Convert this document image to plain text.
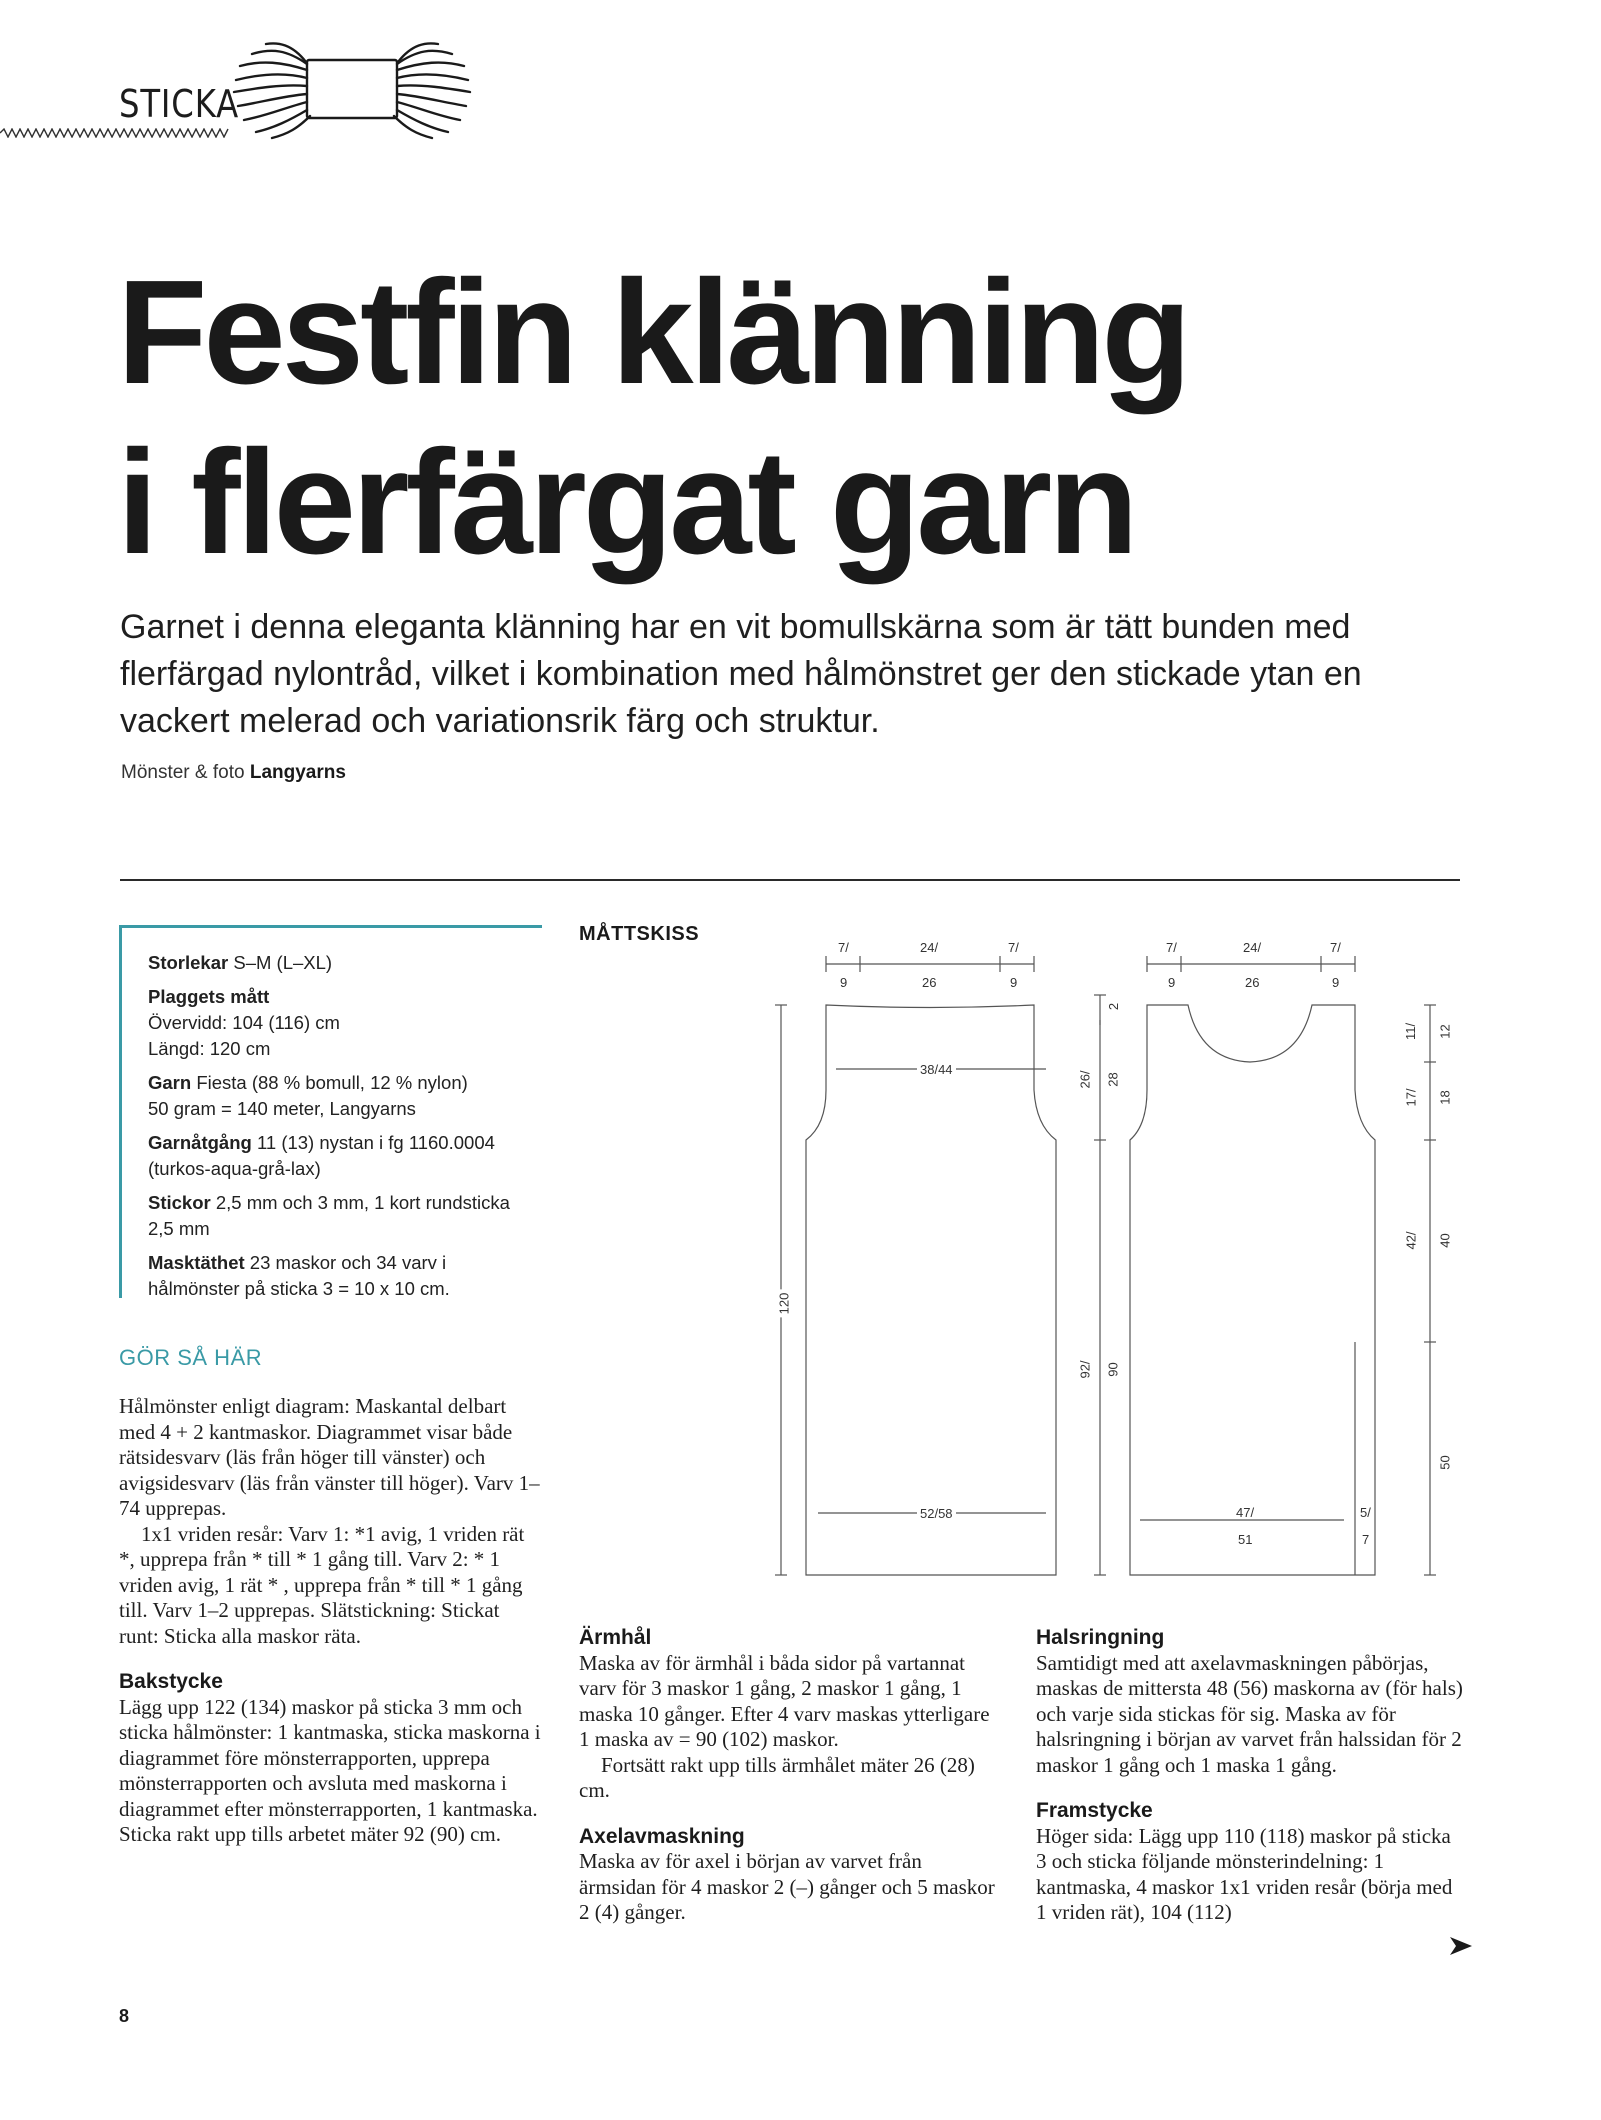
STICKA
Festfin klänning
i flerfärgat garn

Garnet i denna eleganta klänning har en vit bomullskärna som är tätt bunden med flerfärgad nylontråd, vilket i kombination med hålmönstret ger den stickade ytan en vackert melerad och variationsrik färg och struktur.

Mönster & foto Langyarns
Storlekar S–M (L–XL)
Plaggets mått
Övervidd: 104 (116) cm
Längd: 120 cm
Garn Fiesta (88 % bomull, 12 % nylon)
50 gram = 140 meter, Langyarns
Garnåtgång 11 (13) nystan i fg 1160.0004
(turkos-aqua-grå-lax)
Stickor 2,5 mm och 3 mm, 1 kort rundsticka
2,5 mm
Masktäthet 23 maskor och 34 varv i
hålmönster på sticka 3 = 10 x 10 cm.
GÖR SÅ HÄR

Hålmönster enligt diagram: Maskantal delbart med 4 + 2 kantmaskor. Diagrammet visar både rätsidesvarv (läs från höger till vänster) och avigsidesvarv (läs från vänster till höger). Varv 1–74 upprepas.

1x1 vriden resår: Varv 1: *1 avig, 1 vriden rät *, upprepa från * till * 1 gång till. Varv 2: * 1 vriden avig, 1 rät * , upprepa från * till * 1 gång till. Varv 1–2 upprepas. Slätstickning: Stickat runt: Sticka alla maskor räta.

Bakstycke

Lägg upp 122 (134) maskor på sticka 3 mm och sticka hålmönster: 1 kantmaska, sticka maskorna i diagrammet före mönsterrapporten, upprepa mönsterrapporten och avsluta med maskorna i diagrammet efter mönsterrapporten, 1 kantmaska. Sticka rakt upp tills arbetet mäter 92 (90) cm.

Ärmhål

Maska av för ärmhål i båda sidor på vartannat varv för 3 maskor 1 gång, 2 maskor 1 gång, 1 maska 10 gånger. Efter 4 varv maskas ytterligare 1 maska av = 90 (102) maskor.

Fortsätt rakt upp tills ärmhålet mäter 26 (28) cm.

Axelavmaskning

Maska av för axel i början av varvet från ärmsidan för 4 maskor 2 (–) gånger och 5 maskor 2 (4) gånger.

Halsringning

Samtidigt med att axelavmaskningen påbörjas, maskas de mittersta 48 (56) maskorna av (för hals) och varje sida stickas för sig. Maska av för halsringning i början av varvet från halssidan för 2 maskor 1 gång och 1 maska 1 gång.

Framstycke

Höger sida: Lägg upp 110 (118) maskor på sticka 3 och sticka följande mönsterindelning: 1 kantmaska, 4 maskor 1x1 vriden resår (börja med 1 vriden rät), 104 (112)

8
MÅTTSKISS
7/
9
24/
26
7/
9
38/44
52/58
120
2
26/ 28
92/ 90
7/
9
24/
26
7/
9
11/ 12
17/ 18
42/ 40
50
47/
51
5/
7
